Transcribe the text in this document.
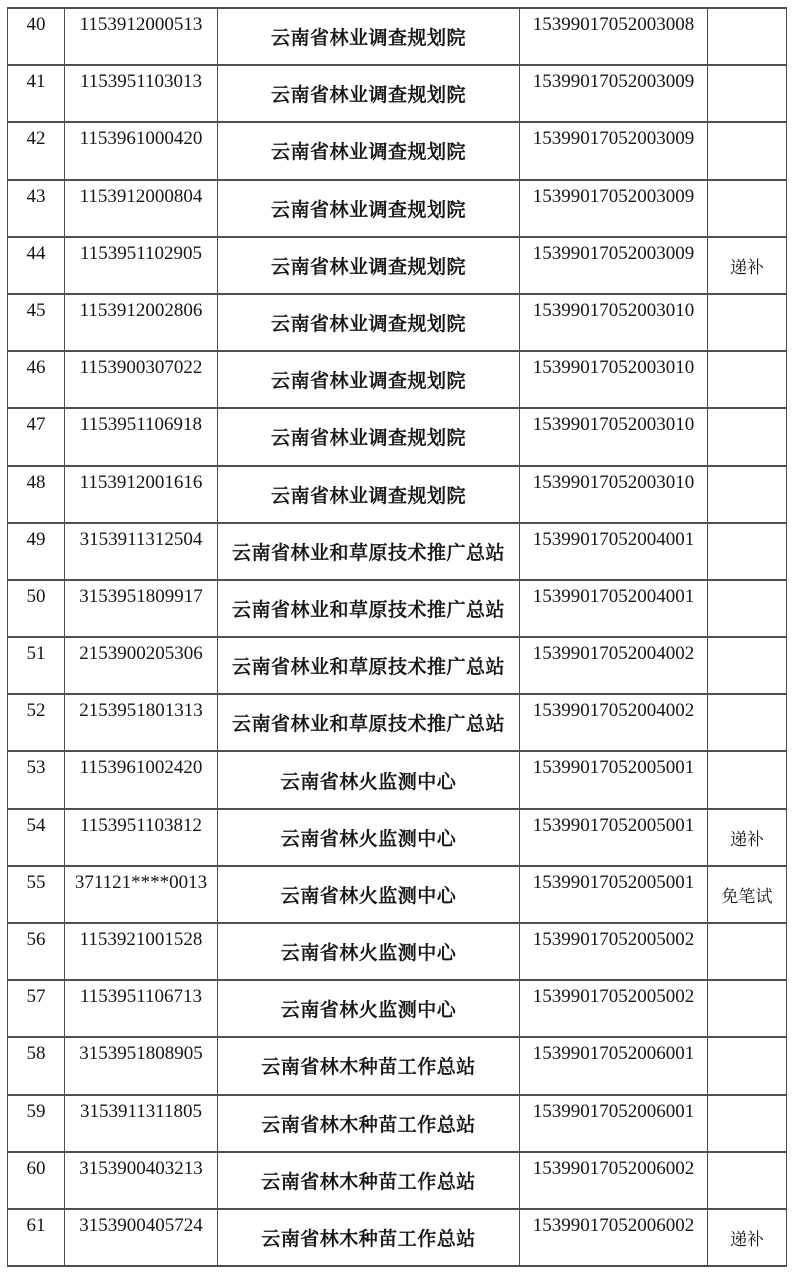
40	1153912000513	云南省林业调查规划院	15399017052003008	
41	1153951103013	云南省林业调查规划院	15399017052003009	
42	1153961000420	云南省林业调查规划院	15399017052003009	
43	1153912000804	云南省林业调查规划院	15399017052003009	
44	1153951102905	云南省林业调查规划院	15399017052003009	递补
45	1153912002806	云南省林业调查规划院	15399017052003010	
46	1153900307022	云南省林业调查规划院	15399017052003010	
47	1153951106918	云南省林业调查规划院	15399017052003010	
48	1153912001616	云南省林业调查规划院	15399017052003010	
49	3153911312504	云南省林业和草原技术推广总站	15399017052004001	
50	3153951809917	云南省林业和草原技术推广总站	15399017052004001	
51	2153900205306	云南省林业和草原技术推广总站	15399017052004002	
52	2153951801313	云南省林业和草原技术推广总站	15399017052004002	
53	1153961002420	云南省林火监测中心	15399017052005001	
54	1153951103812	云南省林火监测中心	15399017052005001	递补
55	371121****0013	云南省林火监测中心	15399017052005001	免笔试
56	1153921001528	云南省林火监测中心	15399017052005002	
57	1153951106713	云南省林火监测中心	15399017052005002	
58	3153951808905	云南省林木种苗工作总站	15399017052006001	
59	3153911311805	云南省林木种苗工作总站	15399017052006001	
60	3153900403213	云南省林木种苗工作总站	15399017052006002	
61	3153900405724	云南省林木种苗工作总站	15399017052006002	递补
